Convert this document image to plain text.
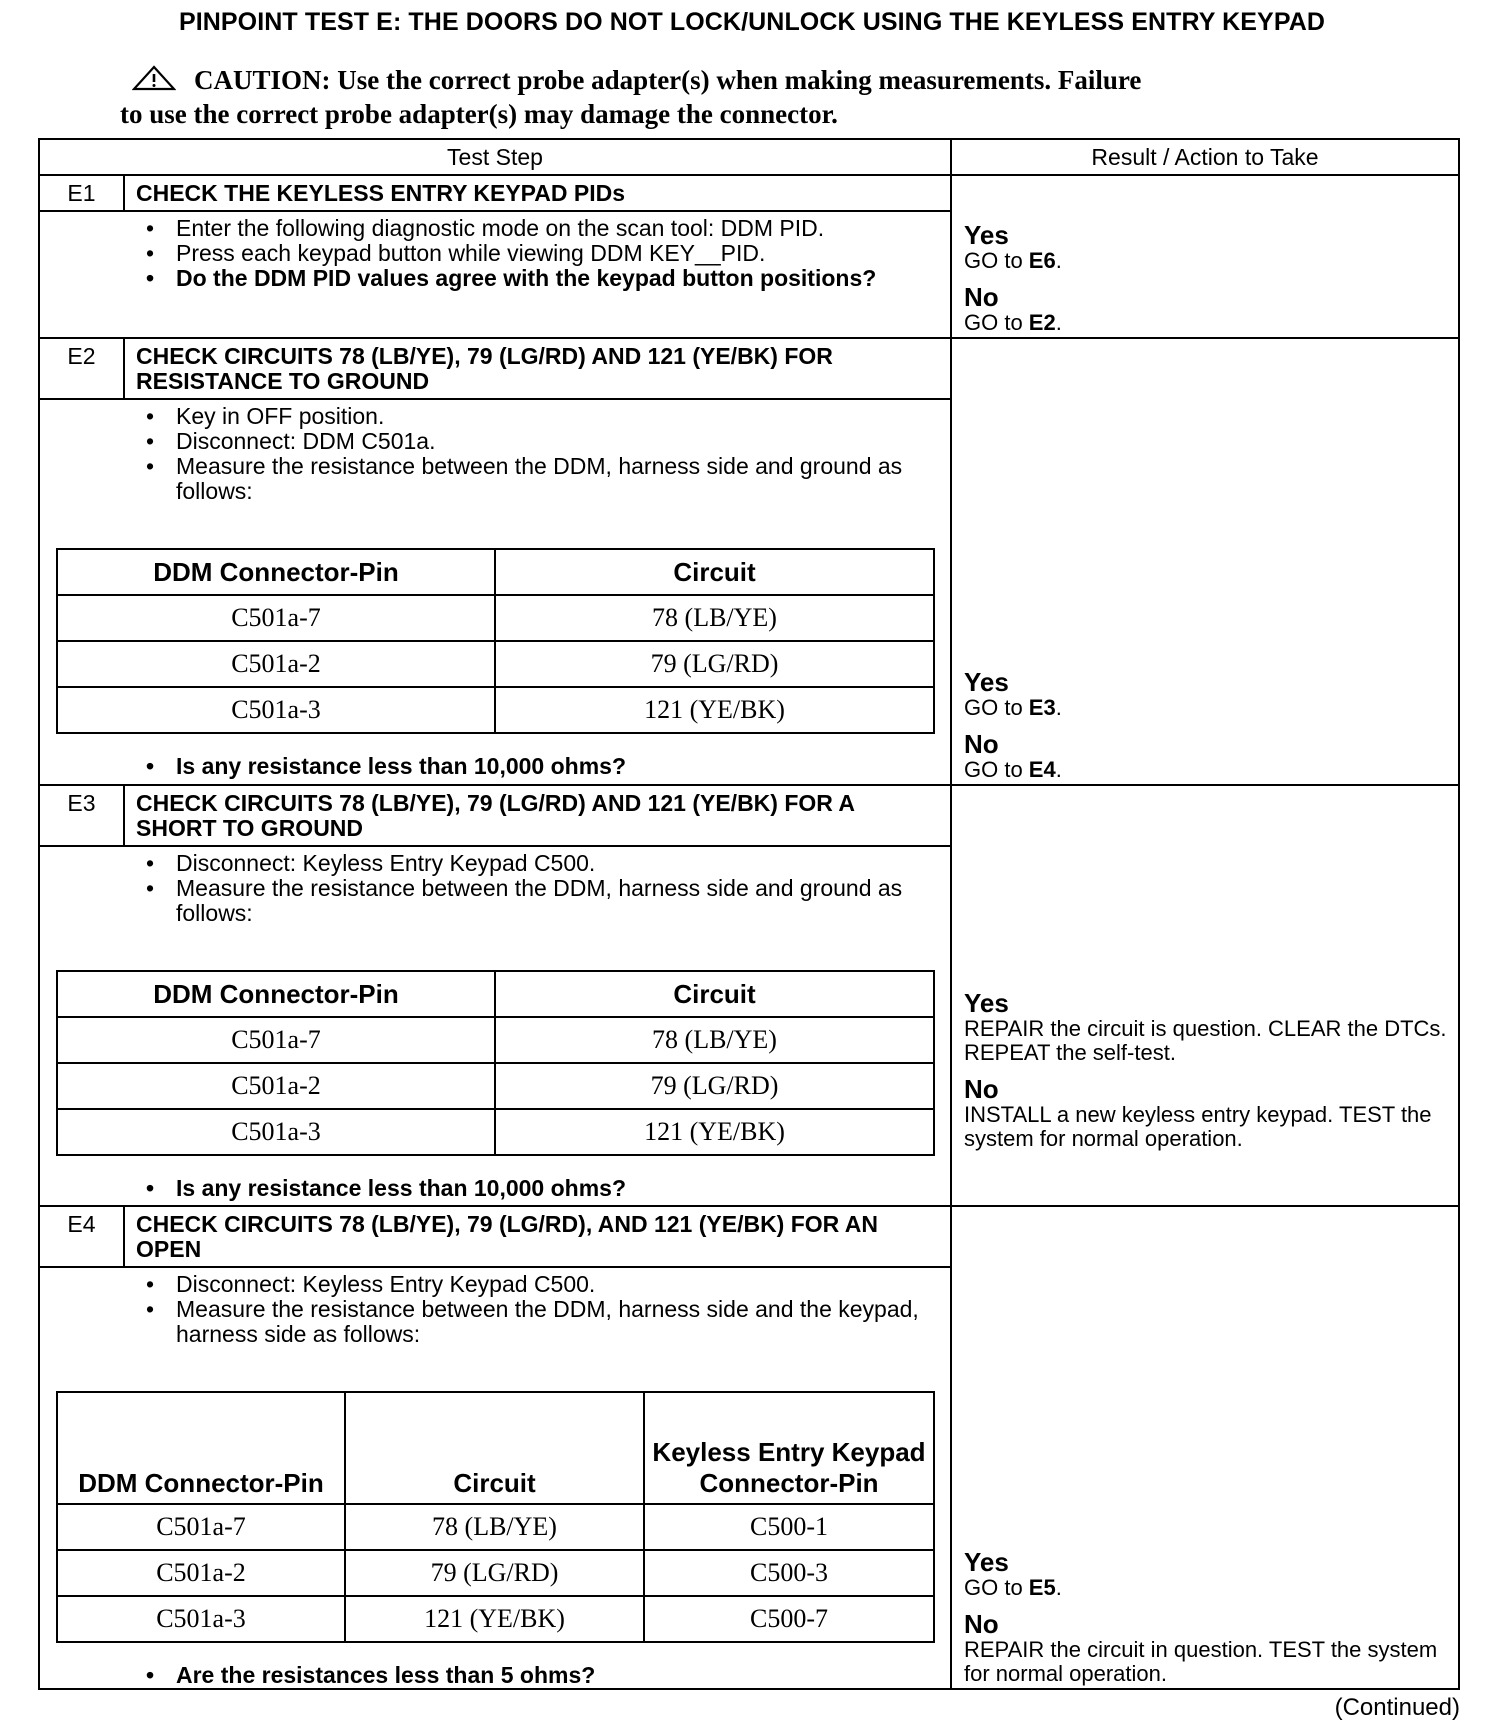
PINPOINT TEST E: THE DOORS DO NOT LOCK/UNLOCK USING THE KEYLESS ENTRY KEYPAD
CAUTION: Use the correct probe adapter(s) when making measurements. Failure
to use the correct probe adapter(s) may damage the connector.
Test Step	Result / Action to Take

E1	CHECK THE KEYLESS ENTRY KEYPAD PIDs
• Enter the following diagnostic mode on the scan tool: DDM PID.
• Press each keypad button while viewing DDM KEY__PID.
• Do the DDM PID values agree with the keypad button positions?

Yes
GO to E6.
No
GO to E2.

E2	CHECK CIRCUITS 78 (LB/YE), 79 (LG/RD) AND 121 (YE/BK) FOR RESISTANCE TO GROUND
• Key in OFF position.
• Disconnect: DDM C501a.
• Measure the resistance between the DDM, harness side and ground as follows:
DDM Connector-Pin	Circuit
C501a-7	78 (LB/YE)
C501a-2	79 (LG/RD)
C501a-3	121 (YE/BK)
• Is any resistance less than 10,000 ohms?

Yes
GO to E3.
No
GO to E4.

E3	CHECK CIRCUITS 78 (LB/YE), 79 (LG/RD) AND 121 (YE/BK) FOR A SHORT TO GROUND
• Disconnect: Keyless Entry Keypad C500.
• Measure the resistance between the DDM, harness side and ground as follows:
DDM Connector-Pin	Circuit
C501a-7	78 (LB/YE)
C501a-2	79 (LG/RD)
C501a-3	121 (YE/BK)
• Is any resistance less than 10,000 ohms?

Yes
REPAIR the circuit is question. CLEAR the DTCs. REPEAT the self-test.
No
INSTALL a new keyless entry keypad. TEST the system for normal operation.

E4	CHECK CIRCUITS 78 (LB/YE), 79 (LG/RD), AND 121 (YE/BK) FOR AN OPEN
• Disconnect: Keyless Entry Keypad C500.
• Measure the resistance between the DDM, harness side and the keypad, harness side as follows:
DDM Connector-Pin	Circuit	Keyless Entry Keypad Connector-Pin
C501a-7	78 (LB/YE)	C500-1
C501a-2	79 (LG/RD)	C500-3
C501a-3	121 (YE/BK)	C500-7
• Are the resistances less than 5 ohms?

Yes
GO to E5.
No
REPAIR the circuit in question. TEST the system for normal operation.
(Continued)
